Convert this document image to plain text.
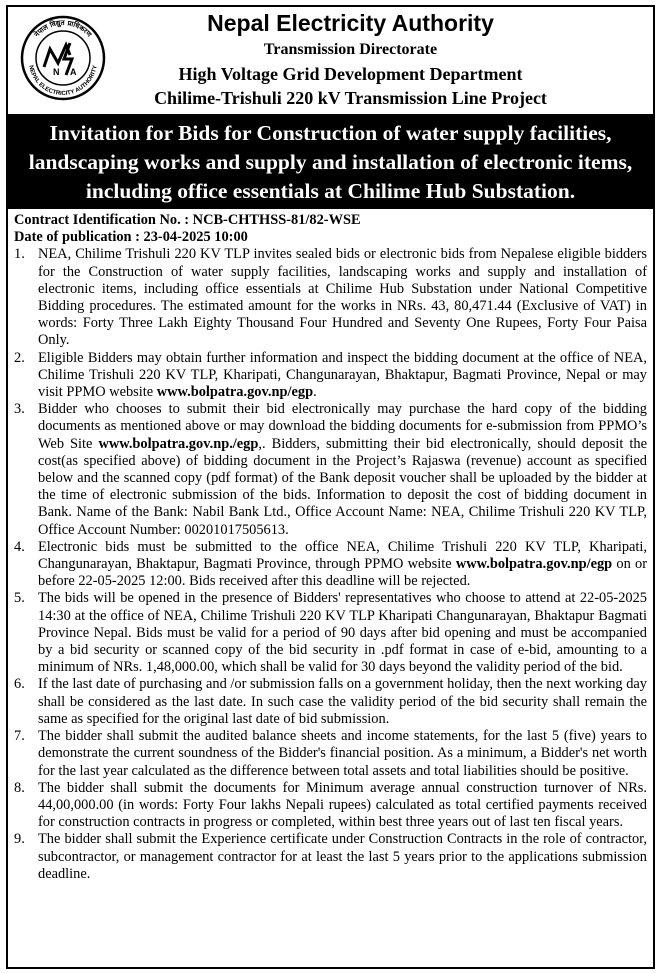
N A
नेपाल विद्युत प्राधिकरण
NEPAL ELECTRICITY AUTHORITY
Nepal Electricity Authority
Transmission Directorate
High Voltage Grid Development Department
Chilime-Trishuli 220 kV Transmission Line Project
Invitation for Bids for Construction of water supply facilities, landscaping works and supply and installation of electronic items, including office essentials at Chilime Hub Substation.
Contract Identification No. : NCB-CHTHSS-81/82-WSE
Date of publication : 23-04-2025 10:00
1. NEA, Chilime Trishuli 220 KV TLP invites sealed bids or electronic bids from Nepalese eligible bidders for the Construction of water supply facilities, landscaping works and supply and installation of electronic items, including office essentials at Chilime Hub Substation under National Competitive Bidding procedures. The estimated amount for the works in NRs. 43, 80,471.44 (Exclusive of VAT) in words: Forty Three Lakh Eighty Thousand Four Hundred and Seventy One Rupees, Forty Four Paisa Only.
2. Eligible Bidders may obtain further information and inspect the bidding document at the office of NEA, Chilime Trishuli 220 KV TLP, Kharipati, Changunarayan, Bhaktapur, Bagmati Province, Nepal or may visit PPMO website www.bolpatra.gov.np/egp.
3. Bidder who chooses to submit their bid electronically may purchase the hard copy of the bidding documents as mentioned above or may download the bidding documents for e-submission from PPMO’s Web Site www.bolpatra.gov.np./egp,. Bidders, submitting their bid electronically, should deposit the cost(as specified above) of bidding document in the Project’s Rajaswa (revenue) account as specified below and the scanned copy (pdf format) of the Bank deposit voucher shall be uploaded by the bidder at the time of electronic submission of the bids. Information to deposit the cost of bidding document in Bank. Name of the Bank: Nabil Bank Ltd., Office Account Name: NEA, Chilime Trishuli 220 KV TLP, Office Account Number: 00201017505613.
4. Electronic bids must be submitted to the office NEA, Chilime Trishuli 220 KV TLP, Kharipati, Changunarayan, Bhaktapur, Bagmati Province, through PPMO website www.bolpatra.gov.np/egp on or before 22-05-2025 12:00. Bids received after this deadline will be rejected.
5. The bids will be opened in the presence of Bidders' representatives who choose to attend at 22-05-2025 14:30 at the office of NEA, Chilime Trishuli 220 KV TLP Kharipati Changunarayan, Bhaktapur Bagmati Province Nepal. Bids must be valid for a period of 90 days after bid opening and must be accompanied by a bid security or scanned copy of the bid security in .pdf format in case of e-bid, amounting to a minimum of NRs. 1,48,000.00, which shall be valid for 30 days beyond the validity period of the bid.
6. If the last date of purchasing and /or submission falls on a government holiday, then the next working day shall be considered as the last date. In such case the validity period of the bid security shall remain the same as specified for the original last date of bid submission.
7. The bidder shall submit the audited balance sheets and income statements, for the last 5 (five) years to demonstrate the current soundness of the Bidder's financial position. As a minimum, a Bidder's net worth for the last year calculated as the difference between total assets and total liabilities should be positive.
8. The bidder shall submit the documents for Minimum average annual construction turnover of NRs. 44,00,000.00 (in words: Forty Four lakhs Nepali rupees) calculated as total certified payments received for construction contracts in progress or completed, within best three years out of last ten fiscal years.
9. The bidder shall submit the Experience certificate under Construction Contracts in the role of contractor, subcontractor, or management contractor for at least the last 5 years prior to the applications submission deadline.
